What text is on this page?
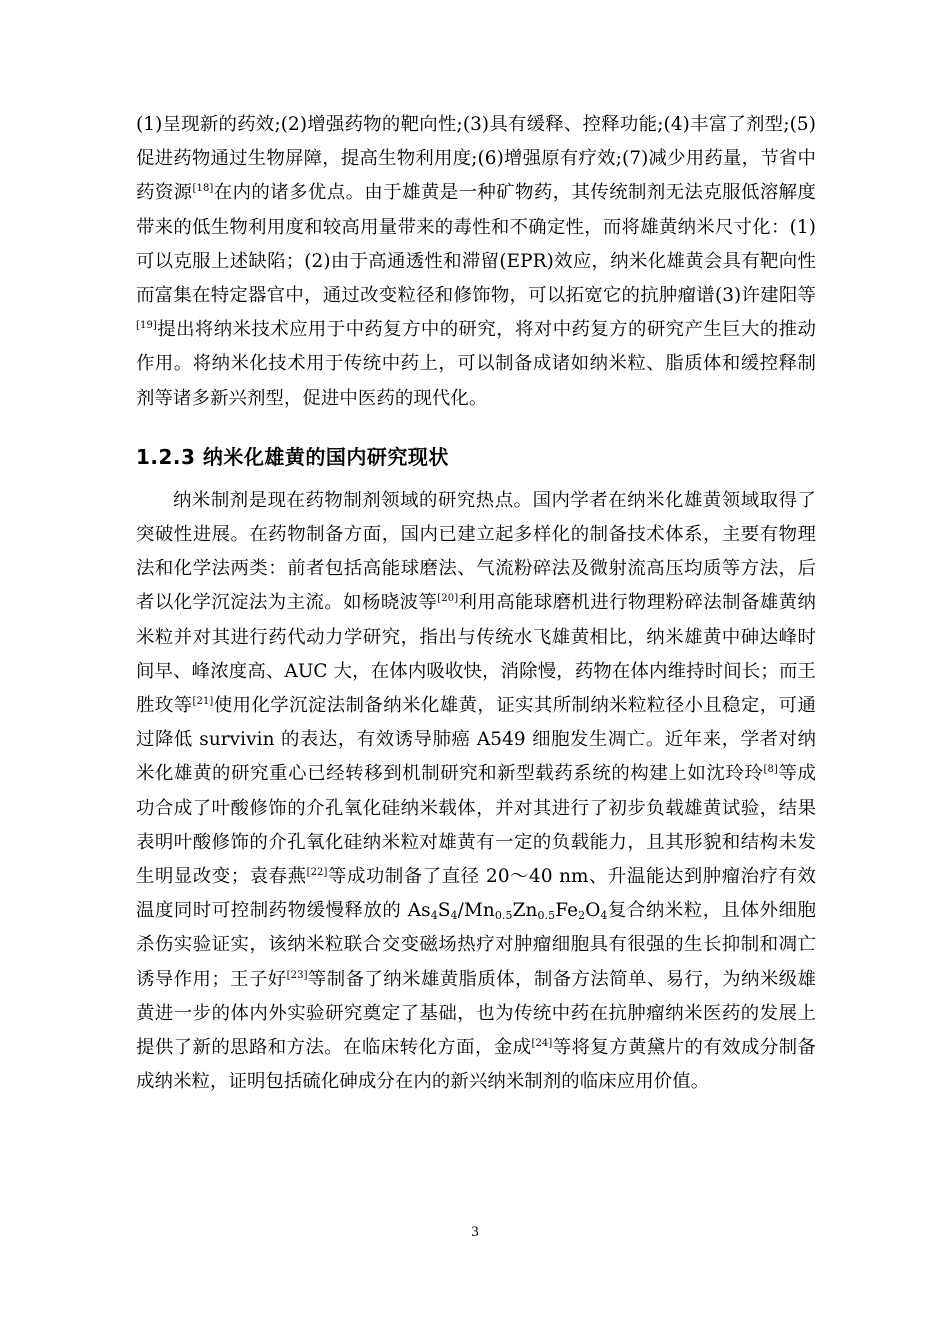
(1)呈现新的药效;(2)增强药物的靶向性;(3)具有缓释、控释功能;(4)丰富了剂型;(5)促进药物通过生物屏障，提高生物利用度;(6)增强原有疗效;(7)减少用药量，节省中药资源[18]在内的诸多优点。由于雄黄是一种矿物药，其传统制剂无法克服低溶解度带来的低生物利用度和较高用量带来的毒性和不确定性，而将雄黄纳米尺寸化：(1)可以克服上述缺陷；(2)由于高通透性和滞留(EPR)效应，纳米化雄黄会具有靶向性而富集在特定器官中，通过改变粒径和修饰物，可以拓宽它的抗肿瘤谱(3)许建阳等[19]提出将纳米技术应用于中药复方中的研究，将对中药复方的研究产生巨大的推动作用。将纳米化技术用于传统中药上，可以制备成诸如纳米粒、脂质体和缓控释制剂等诸多新兴剂型，促进中医药的现代化。

1.2.3 纳米化雄黄的国内研究现状

纳米制剂是现在药物制剂领域的研究热点。国内学者在纳米化雄黄领域取得了突破性进展。在药物制备方面，国内已建立起多样化的制备技术体系，主要有物理法和化学法两类：前者包括高能球磨法、气流粉碎法及微射流高压均质等方法，后者以化学沉淀法为主流。如杨晓波等[20]利用高能球磨机进行物理粉碎法制备雄黄纳米粒并对其进行药代动力学研究，指出与传统水飞雄黄相比，纳米雄黄中砷达峰时间早、峰浓度高、AUC 大，在体内吸收快，消除慢，药物在体内维持时间长；而王胜玫等[21]使用化学沉淀法制备纳米化雄黄，证实其所制纳米粒粒径小且稳定，可通过降低 survivin 的表达，有效诱导肺癌 A549 细胞发生凋亡。近年来，学者对纳米化雄黄的研究重心已经转移到机制研究和新型载药系统的构建上如沈玲玲[8]等成功合成了叶酸修饰的介孔氧化硅纳米载体，并对其进行了初步负载雄黄试验，结果表明叶酸修饰的介孔氧化硅纳米粒对雄黄有一定的负载能力，且其形貌和结构未发生明显改变；袁春燕[22]等成功制备了直径 20～40 nm、升温能达到肿瘤治疗有效温度同时可控制药物缓慢释放的 $As_4S_4/Mn_{0.5}Zn_{0.5}Fe_2O_4$复合纳米粒，且体外细胞杀伤实验证实，该纳米粒联合交变磁场热疗对肿瘤细胞具有很强的生长抑制和凋亡诱导作用；王子好[23]等制备了纳米雄黄脂质体，制备方法简单、易行，为纳米级雄黄进一步的体内外实验研究奠定了基础，也为传统中药在抗肿瘤纳米医药的发展上提供了新的思路和方法。在临床转化方面，金成[24]等将复方黄黛片的有效成分制备成纳米粒，证明包括硫化砷成分在内的新兴纳米制剂的临床应用价值。

3
